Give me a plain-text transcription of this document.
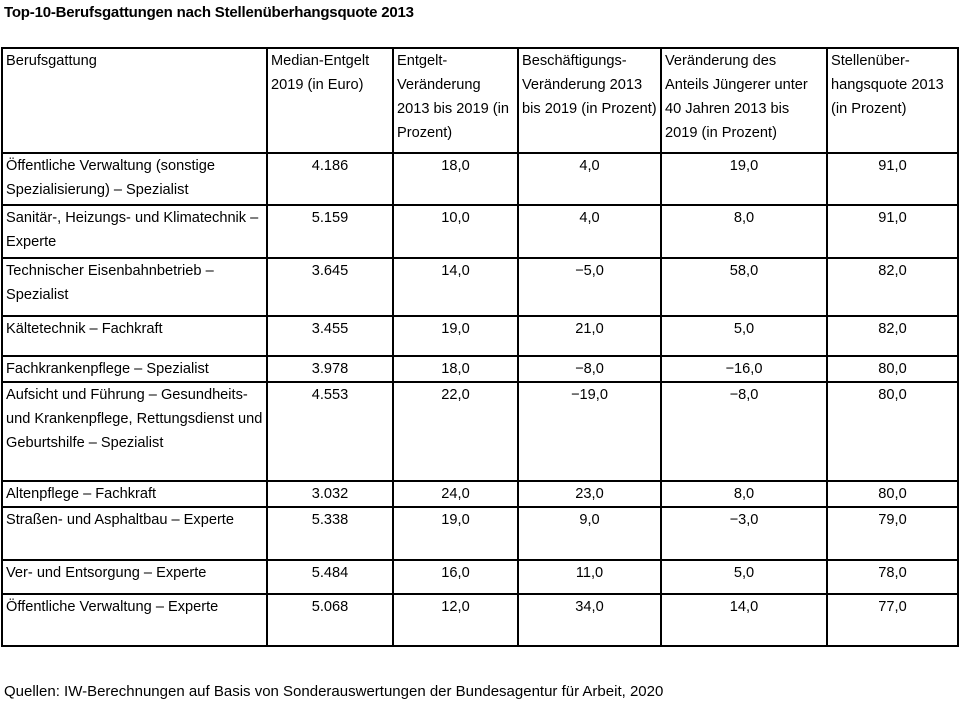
Top-10-Berufsgattungen nach Stellenüberhangsquote 2013
Berufsgattung	Median-Entgelt 2019 (in Euro)	Entgelt-Veränderung 2013 bis 2019 (in Prozent)	Beschäftigungs-Veränderung 2013 bis 2019 (in Prozent)	Veränderung des Anteils Jüngerer unter 40 Jahren 2013 bis 2019 (in Prozent)	Stellenüber-hangsquote 2013 (in Prozent)
Öffentliche Verwaltung (sonstige Spezialisierung) – Spezialist	4.186	18,0	4,0	19,0	91,0
Sanitär-, Heizungs- und Klimatechnik – Experte	5.159	10,0	4,0	8,0	91,0
Technischer Eisenbahnbetrieb – Spezialist	3.645	14,0	−5,0	58,0	82,0
Kältetechnik – Fachkraft	3.455	19,0	21,0	5,0	82,0
Fachkrankenpflege – Spezialist	3.978	18,0	−8,0	−16,0	80,0
Aufsicht und Führung – Gesundheits- und Krankenpflege, Rettungsdienst und Geburtshilfe – Spezialist	4.553	22,0	−19,0	−8,0	80,0
Altenpflege – Fachkraft	3.032	24,0	23,0	8,0	80,0
Straßen- und Asphaltbau – Experte	5.338	19,0	9,0	−3,0	79,0
Ver- und Entsorgung – Experte	5.484	16,0	11,0	5,0	78,0
Öffentliche Verwaltung – Experte	5.068	12,0	34,0	14,0	77,0
Quellen: IW-Berechnungen auf Basis von Sonderauswertungen der Bundesagentur für Arbeit, 2020
